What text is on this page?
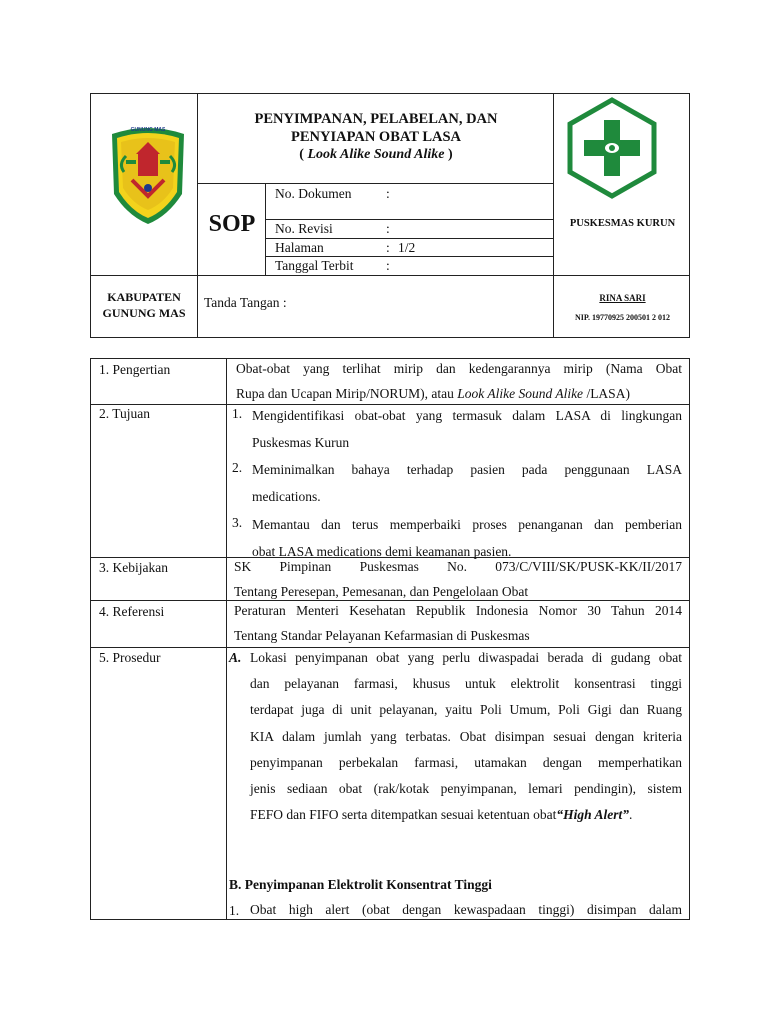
GUNUNG MAS
PENYIMPANAN, PELABELAN, DAN
PENYIAPAN OBAT LASA
( Look Alike Sound Alike )
SOP
No. Dokumen	:
No. Revisi	:
Halaman	: 1/2
Tanggal Terbit :
PUSKESMAS KURUN
KABUPATEN
GUNUNG MAS
Tanda Tangan :	RINA SARI
NIP. 19770925 200501 2 012
1. Pengertian	Obat-obat yang terlihat mirip dan kedengarannya mirip (Nama Obat
Rupa dan Ucapan Mirip/NORUM), atau Look Alike Sound Alike /LASA)
2. Tujuan	1. Mengidentifikasi obat-obat yang termasuk dalam LASA di lingkungan
Puskesmas Kurun
2. Meminimalkan bahaya terhadap pasien pada penggunaan LASA
medications.
3. Memantau dan terus memperbaiki proses penanganan dan pemberian
obat LASA medications demi keamanan pasien.
3. Kebijakan	SK Pimpinan Puskesmas No. 073/C/VIII/SK/PUSK-KK/II/2017
Tentang Peresepan, Pemesanan, dan Pengelolaan Obat
4. Referensi	Peraturan Menteri Kesehatan Republik Indonesia Nomor 30 Tahun 2014
Tentang Standar Pelayanan Kefarmasian di Puskesmas
5. Prosedur	A. Lokasi penyimpanan obat yang perlu diwaspadai berada di gudang obat
dan pelayanan farmasi, khusus untuk elektrolit konsentrasi tinggi
terdapat juga di unit pelayanan, yaitu Poli Umum, Poli Gigi dan Ruang
KIA dalam jumlah yang terbatas. Obat disimpan sesuai dengan kriteria
penyimpanan perbekalan farmasi, utamakan dengan memperhatikan
jenis sediaan obat (rak/kotak penyimpanan, lemari pendingin), sistem
FEFO dan FIFO serta ditempatkan sesuai ketentuan obat“High Alert”.
B. Penyimpanan Elektrolit Konsentrat Tinggi
1. Obat high alert (obat dengan kewaspadaan tinggi) disimpan dalam
